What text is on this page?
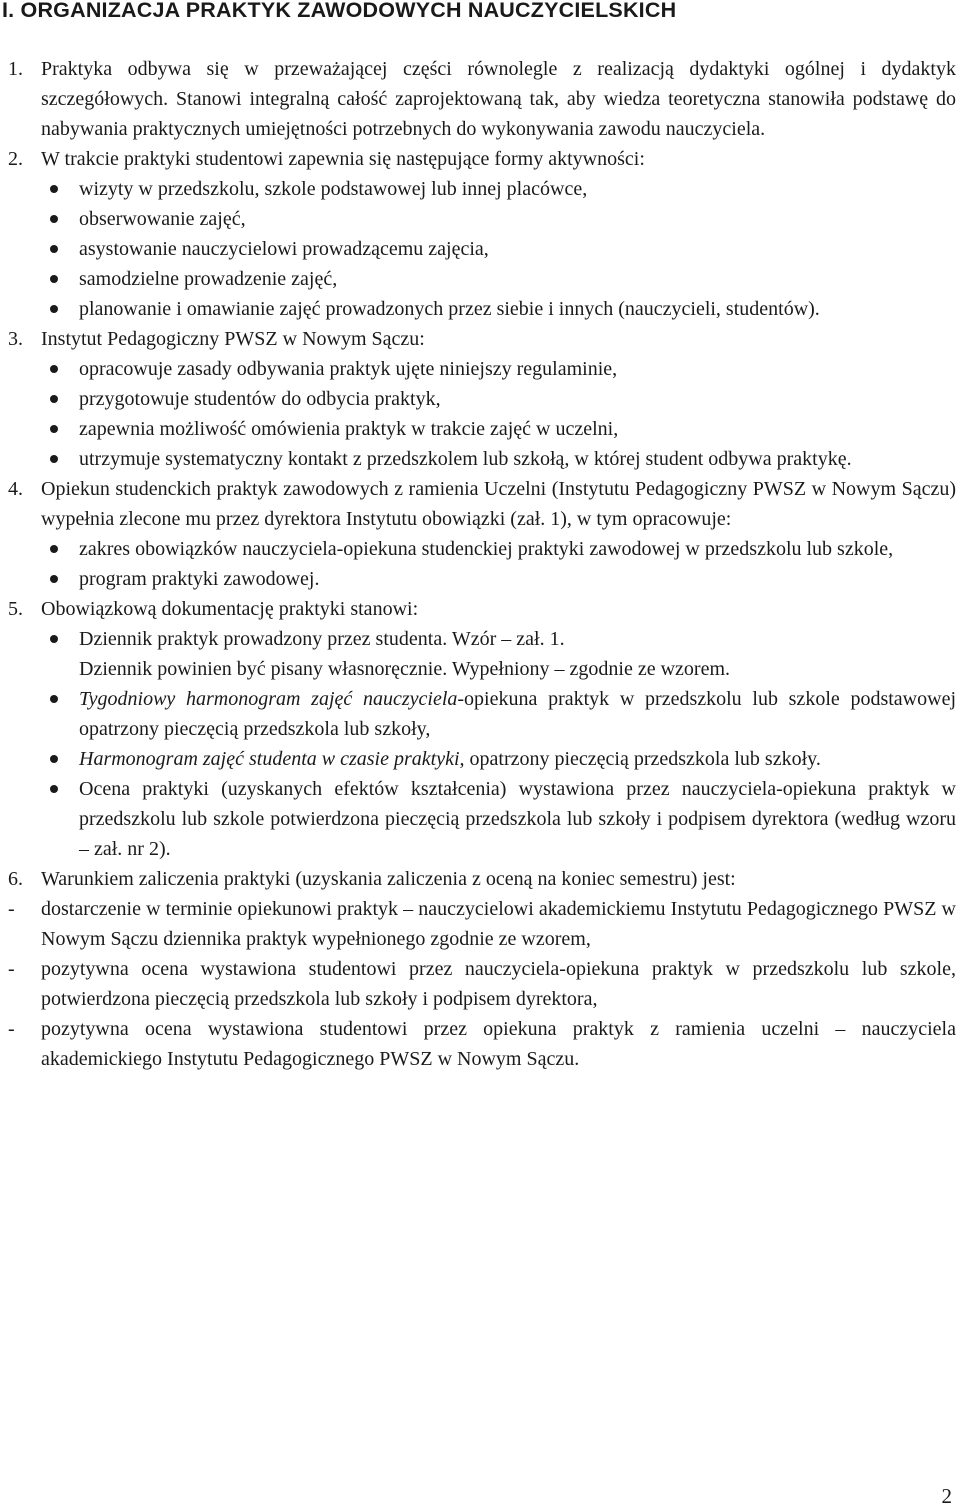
I. ORGANIZACJA PRAKTYK ZAWODOWYCH NAUCZYCIELSKICH
1. Praktyka odbywa się w przeważającej części równolegle z realizacją dydaktyki ogólnej i dydaktyk szczegółowych. Stanowi integralną całość zaprojektowaną tak, aby wiedza teoretyczna stanowiła podstawę do nabywania praktycznych umiejętności potrzebnych do wykonywania zawodu nauczyciela.
2. W trakcie praktyki studentowi zapewnia się następujące formy aktywności:
wizyty w przedszkolu, szkole podstawowej lub innej placówce,
obserwowanie zajęć,
asystowanie nauczycielowi prowadzącemu zajęcia,
samodzielne prowadzenie zajęć,
planowanie i omawianie zajęć prowadzonych przez siebie i innych (nauczycieli, studentów).
3. Instytut Pedagogiczny PWSZ w Nowym Sączu:
opracowuje zasady odbywania praktyk ujęte niniejszy regulaminie,
przygotowuje studentów do odbycia praktyk,
zapewnia możliwość omówienia praktyk w trakcie zajęć w uczelni,
utrzymuje systematyczny kontakt z przedszkolem lub szkołą, w której student odbywa praktykę.
4. Opiekun studenckich praktyk zawodowych z ramienia Uczelni (Instytutu Pedagogiczny PWSZ w Nowym Sączu) wypełnia zlecone mu przez dyrektora Instytutu obowiązki (zał. 1), w tym opracowuje:
zakres obowiązków nauczyciela-opiekuna studenckiej praktyki zawodowej w przedszkolu lub szkole,
program praktyki zawodowej.
5. Obowiązkową dokumentację praktyki stanowi:
Dziennik praktyk prowadzony przez studenta. Wzór – zał. 1.
Dziennik powinien być pisany własnoręcznie. Wypełniony – zgodnie ze wzorem.
Tygodniowy harmonogram zajęć nauczyciela-opiekuna praktyk w przedszkolu lub szkole podstawowej opatrzony pieczęcią przedszkola lub szkoły,
Harmonogram zajęć studenta w czasie praktyki, opatrzony pieczęcią przedszkola lub szkoły.
Ocena praktyki (uzyskanych efektów kształcenia) wystawiona przez nauczyciela-opiekuna praktyk w przedszkolu lub szkole potwierdzona pieczęcią przedszkola lub szkoły i podpisem dyrektora (według wzoru – zał. nr 2).
6. Warunkiem zaliczenia praktyki (uzyskania zaliczenia z oceną na koniec semestru) jest:
- dostarczenie w terminie opiekunowi praktyk – nauczycielowi akademickiemu Instytutu Pedagogicznego PWSZ w Nowym Sączu dziennika praktyk wypełnionego zgodnie ze wzorem,
- pozytywna ocena wystawiona studentowi przez nauczyciela-opiekuna praktyk w przedszkolu lub szkole, potwierdzona pieczęcią przedszkola lub szkoły i podpisem dyrektora,
- pozytywna ocena wystawiona studentowi przez opiekuna praktyk z ramienia uczelni – nauczyciela akademickiego Instytutu Pedagogicznego PWSZ w Nowym Sączu.
2
